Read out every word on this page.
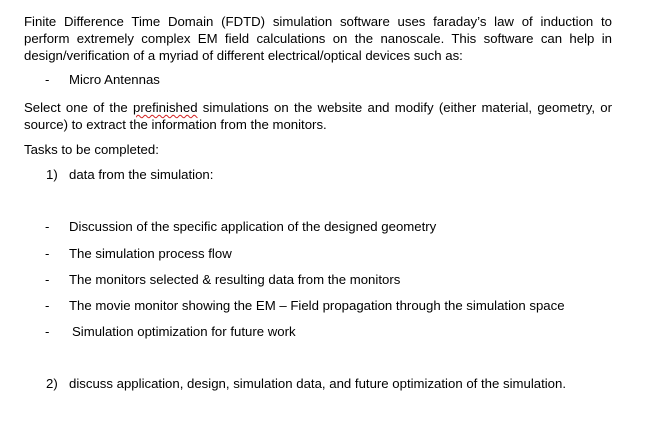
Finite Difference Time Domain (FDTD) simulation software uses faraday’s law of induction to perform extremely complex EM field calculations on the nanoscale. This software can help in design/verification of a myriad of different electrical/optical devices such as:
- Micro Antennas
Select one of the prefinished simulations on the website and modify (either material, geometry, or source) to extract the information from the monitors.
Tasks to be completed:
1) data from the simulation:
- Discussion of the specific application of the designed geometry
- The simulation process flow
- The monitors selected & resulting data from the monitors
- The movie monitor showing the EM – Field propagation through the simulation space
- Simulation optimization for future work
2) discuss application, design, simulation data, and future optimization of the simulation.
